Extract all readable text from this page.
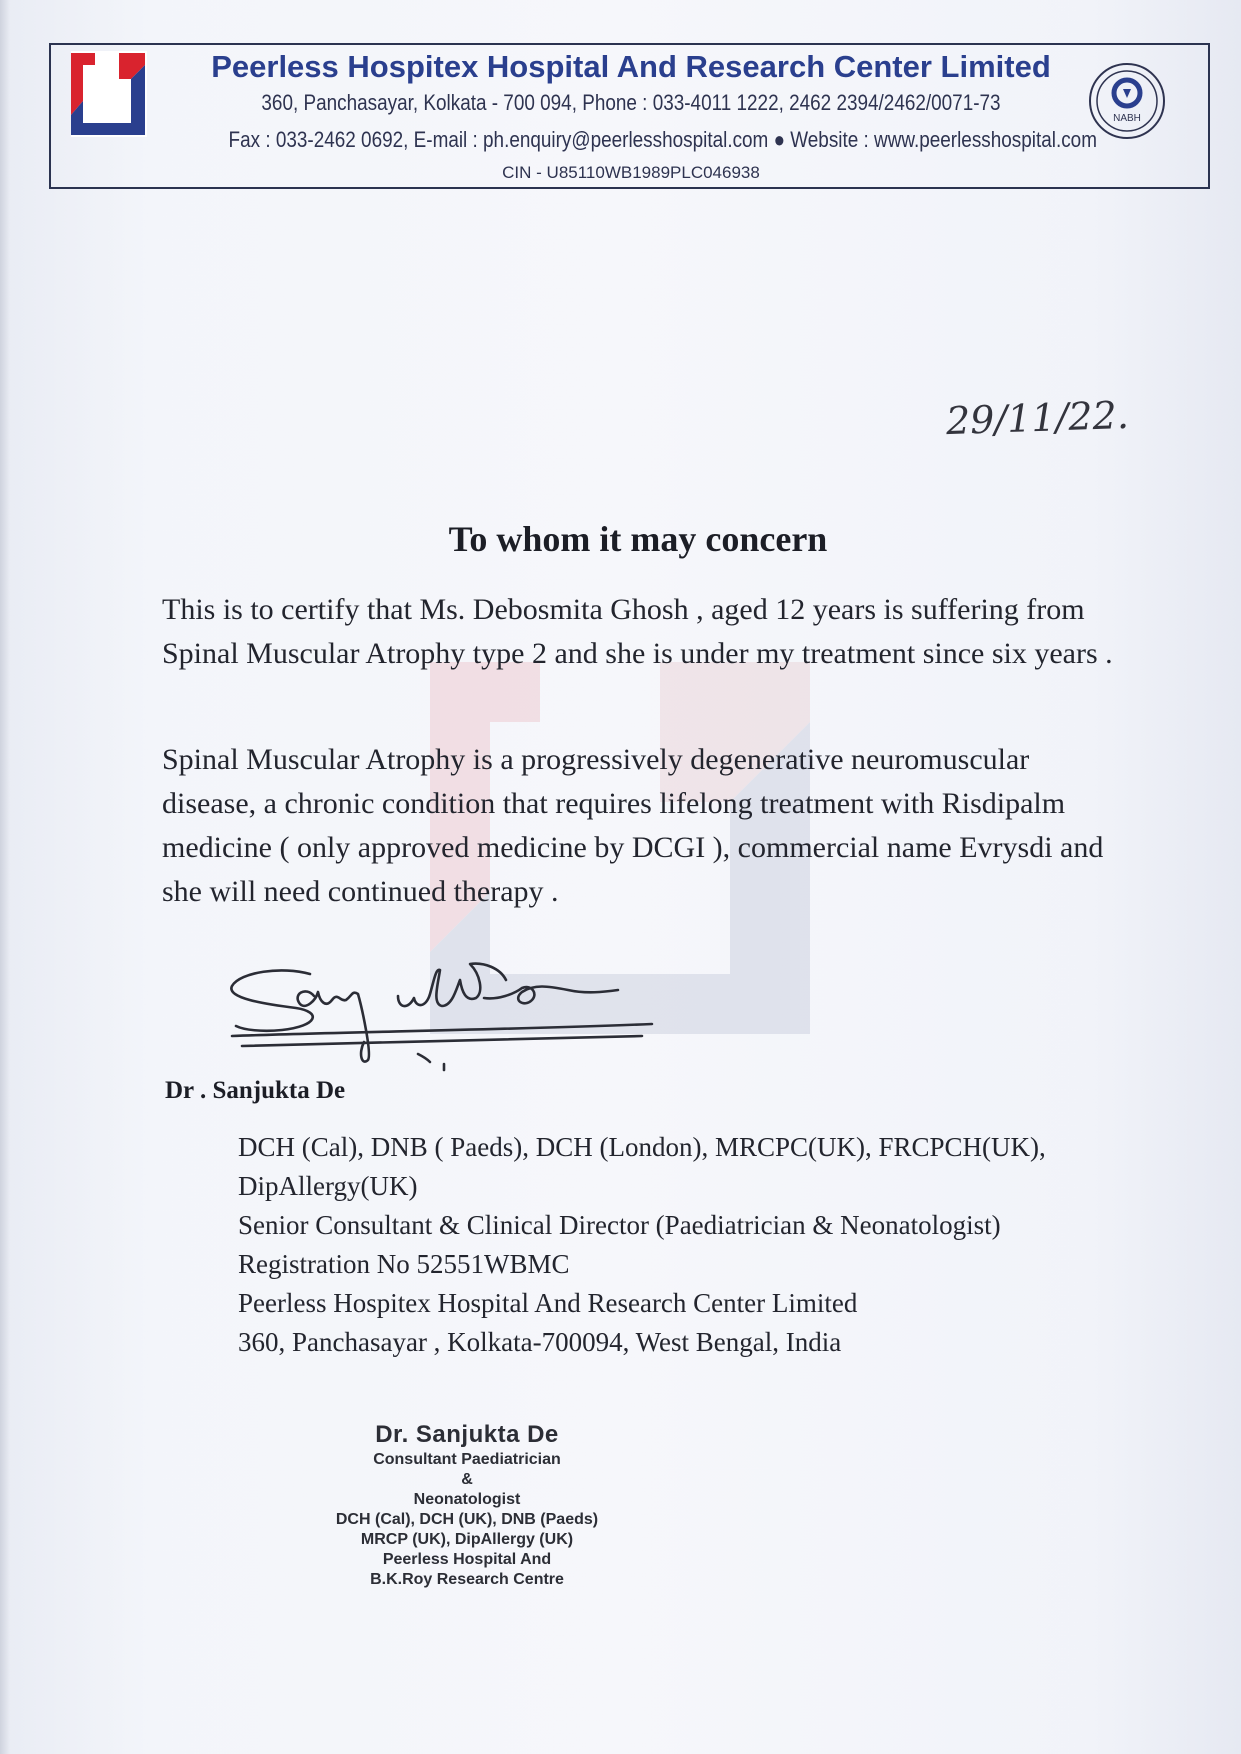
Peerless Hospitex Hospital And Research Center Limited
360, Panchasayar, Kolkata - 700 094, Phone : 033-4011 1222, 2462 2394/2462/0071-73
Fax : 033-2462 0692, E-mail : ph.enquiry@peerlesshospital.com ● Website : www.peerlesshospital.com
CIN - U85110WB1989PLC046938
NABH
29/11/22.
To whom it may concern
This is to certify that Ms. Debosmita Ghosh , aged 12 years is suffering from Spinal Muscular Atrophy type 2 and she is under my treatment since six years .
Spinal Muscular Atrophy is a progressively degenerative neuromuscular disease, a chronic condition that requires lifelong treatment with Risdipalm medicine ( only approved medicine by DCGI ), commercial name Evrysdi and she will need continued therapy .
Dr . Sanjukta De
DCH (Cal), DNB ( Paeds), DCH (London), MRCPC(UK), FRCPCH(UK),
DipAllergy(UK)
Senior Consultant & Clinical Director (Paediatrician & Neonatologist)
Registration No 52551WBMC
Peerless Hospitex Hospital And Research Center Limited
360, Panchasayar , Kolkata-700094, West Bengal, India
Dr. Sanjukta De
Consultant Paediatrician
&
Neonatologist
DCH (Cal), DCH (UK), DNB (Paeds)
MRCP (UK), DipAllergy (UK)
Peerless Hospital And
B.K.Roy Research Centre
